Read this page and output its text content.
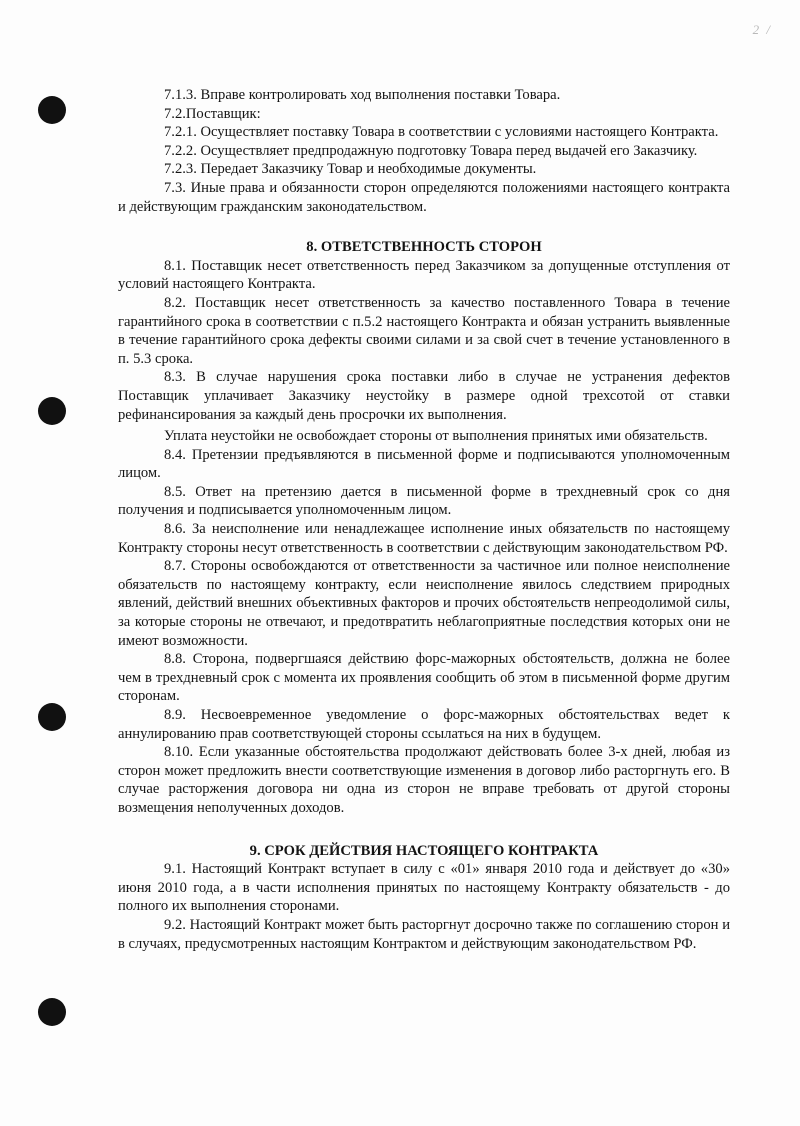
2 /

7.1.3. Вправе контролировать ход выполнения поставки Товара.

7.2.Поставщик:

7.2.1. Осуществляет поставку Товара в соответствии с условиями настоящего Контракта.

7.2.2. Осуществляет предпродажную подготовку Товара перед выдачей его Заказчику.

7.2.3. Передает Заказчику Товар и необходимые документы.

7.3. Иные права и обязанности сторон определяются положениями настоящего контракта и действующим гражданским законодательством.

8. ОТВЕТСТВЕННОСТЬ СТОРОН

8.1. Поставщик несет ответственность перед Заказчиком за допущенные отступления от условий настоящего Контракта.

8.2. Поставщик несет ответственность за качество поставленного Товара в течение гарантийного срока в соответствии с п.5.2 настоящего Контракта и обязан устранить выявленные в течение гарантийного срока дефекты своими силами и за свой счет в течение установленного в п. 5.3 срока.

8.3. В случае нарушения срока поставки либо в случае не устранения дефектов Поставщик уплачивает Заказчику неустойку в размере одной трехсотой от ставки рефинансирования за каждый день просрочки их выполнения.

Уплата неустойки не освобождает стороны от выполнения принятых ими обязательств.

8.4. Претензии предъявляются в письменной форме и подписываются уполномоченным лицом.

8.5. Ответ на претензию дается в письменной форме в трехдневный срок со дня получения и подписывается уполномоченным лицом.

8.6. За неисполнение или ненадлежащее исполнение иных обязательств по настоящему Контракту стороны несут ответственность в соответствии с действующим законодательством РФ.

8.7. Стороны освобождаются от ответственности за частичное или полное неисполнение обязательств по настоящему контракту, если неисполнение явилось следствием природных явлений, действий внешних объективных факторов и прочих обстоятельств непреодолимой силы, за которые стороны не отвечают, и предотвратить неблагоприятные последствия которых они не имеют возможности.

8.8. Сторона, подвергшаяся действию форс-мажорных обстоятельств, должна не более чем в трехдневный срок с момента их проявления сообщить об этом в письменной форме другим сторонам.

8.9. Несвоевременное уведомление о форс-мажорных обстоятельствах ведет к аннулированию прав соответствующей стороны ссылаться на них в будущем.

8.10. Если указанные обстоятельства продолжают действовать более 3-х дней, любая из сторон может предложить внести соответствующие изменения в договор либо расторгнуть его. В случае расторжения договора ни одна из сторон не вправе требовать от другой стороны возмещения неполученных доходов.

9. СРОК ДЕЙСТВИЯ НАСТОЯЩЕГО КОНТРАКТА

9.1. Настоящий Контракт вступает в силу с «01» января 2010 года и действует до «30» июня 2010 года, а в части исполнения принятых по настоящему Контракту обязательств - до полного их выполнения сторонами.

9.2. Настоящий Контракт может быть расторгнут досрочно также по соглашению сторон и в случаях, предусмотренных настоящим Контрактом и действующим законодательством РФ.
